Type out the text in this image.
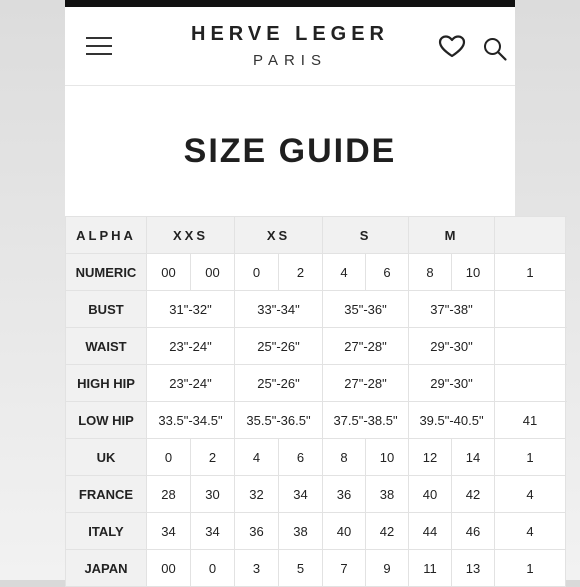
HERVE LEGER
PARIS
SIZE GUIDE
ALPHA	XXS		XS		S		M		
NUMERIC	00	00	0	2	4	6	8	10	1
BUST	31"-32"		33"-34"		35"-36"		37"-38"		
WAIST	23"-24"		25"-26"		27"-28"		29"-30"		
HIGH HIP	23"-24"		25"-26"		27"-28"		29"-30"		
LOW HIP	33.5"-34.5"		35.5"-36.5"		37.5"-38.5"		39.5"-40.5"		41
UK	0	2	4	6	8	10	12	14	1
FRANCE	28	30	32	34	36	38	40	42	4
ITALY	34	34	36	38	40	42	44	46	4
JAPAN	00	0	3	5	7	9	11	13	1
